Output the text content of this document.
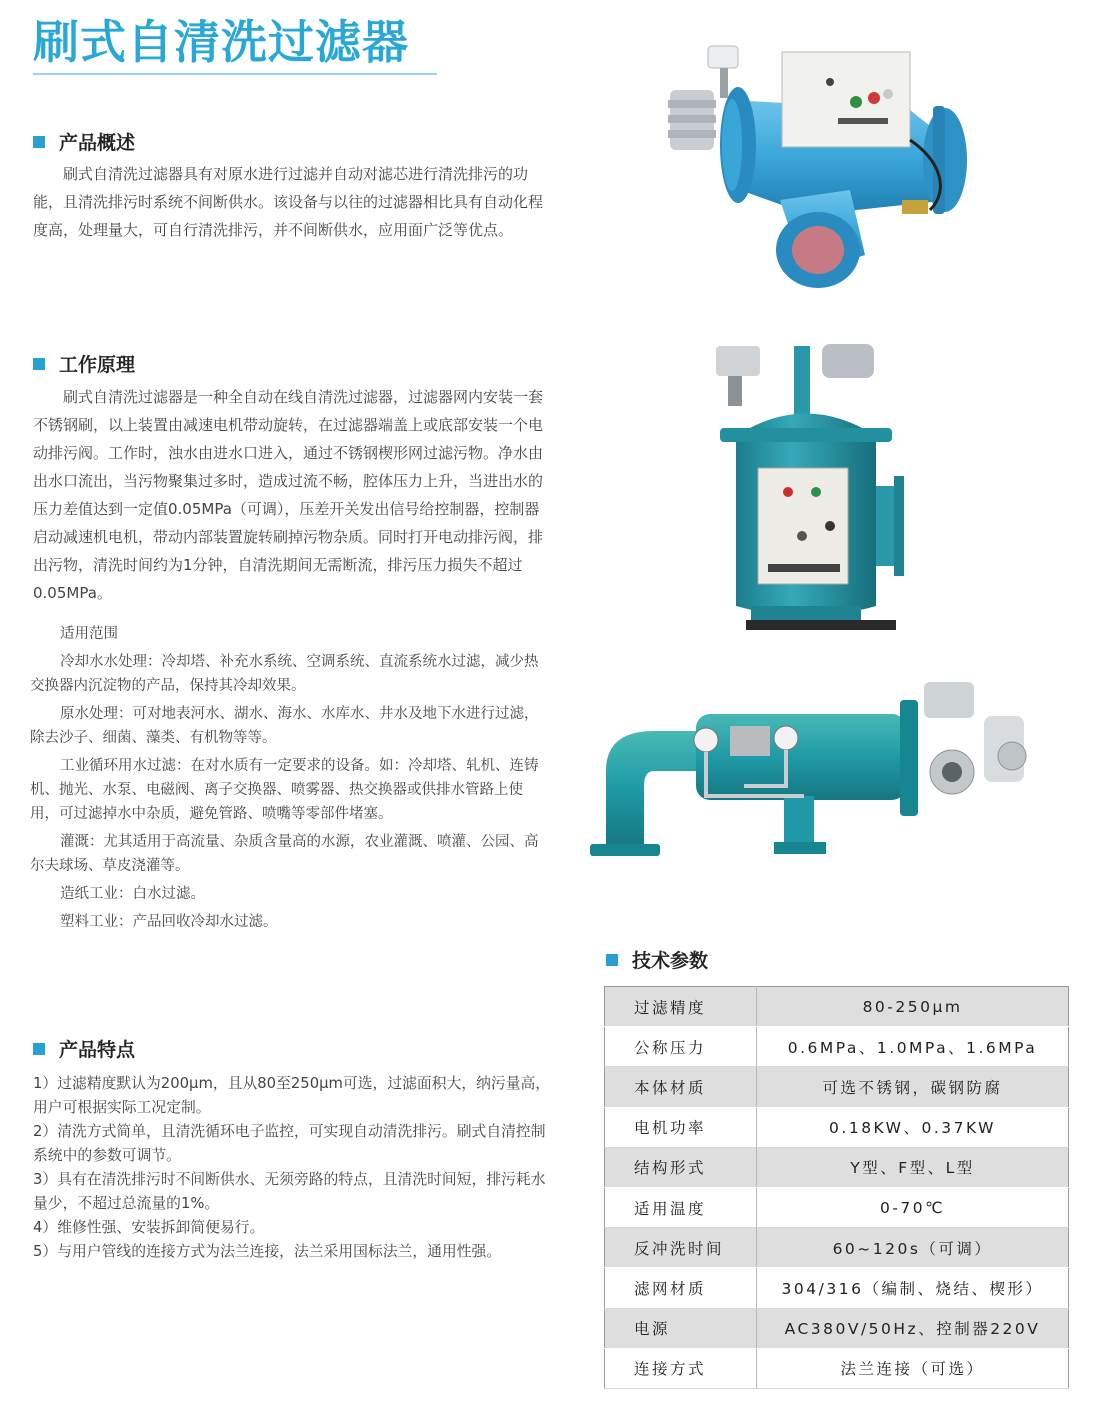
刷式自清洗过滤器
产品概述

刷式自清洗过滤器具有对原水进行过滤并自动对滤芯进行清洗排污的功能，且清洗排污时系统不间断供水。该设备与以往的过滤器相比具有自动化程度高，处理量大，可自行清洗排污，并不间断供水，应用面广泛等优点。

工作原理

刷式自清洗过滤器是一种全自动在线自清洗过滤器，过滤器网内安装一套不锈钢刷，以上装置由减速电机带动旋转，在过滤器端盖上或底部安装一个电动排污阀。工作时，浊水由进水口进入，通过不锈钢楔形网过滤污物。净水由出水口流出，当污物聚集过多时，造成过流不畅，腔体压力上升，当进出水的压力差值达到一定值0.05MPa（可调），压差开关发出信号给控制器，控制器启动减速机电机，带动内部装置旋转刷掉污物杂质。同时打开电动排污阀，排出污物，清洗时间约为1分钟，自清洗期间无需断流，排污压力损失不超过0.05MPa。

适用范围

冷却水水处理：冷却塔、补充水系统、空调系统、直流系统水过滤，减少热交换器内沉淀物的产品，保持其冷却效果。

原水处理：可对地表河水、湖水、海水、水库水、井水及地下水进行过滤，除去沙子、细菌、藻类、有机物等等。

工业循环用水过滤：在对水质有一定要求的设备。如：冷却塔、轧机、连铸机、抛光、水泵、电磁阀、离子交换器、喷雾器、热交换器或供排水管路上使用，可过滤掉水中杂质，避免管路、喷嘴等零部件堵塞。

灌溉：尤其适用于高流量、杂质含量高的水源，农业灌溉、喷灌、公园、高尔夫球场、草皮浇灌等。

造纸工业：白水过滤。

塑料工业：产品回收冷却水过滤。

产品特点
1）过滤精度默认为200μm，且从80至250μm可选，过滤面积大，纳污量高，用户可根据实际工况定制。
2）清洗方式简单，且清洗循环电子监控，可实现自动清洗排污。刷式自清控制系统中的参数可调节。
3）具有在清洗排污时不间断供水、无须旁路的特点，且清洗时间短，排污耗水量少，不超过总流量的1%。
4）维修性强、安装拆卸简便易行。
5）与用户管线的连接方式为法兰连接，法兰采用国标法兰，通用性强。
技术参数
过滤精度	80-250μm
公称压力	0.6MPa、1.0MPa、1.6MPa
本体材质	可选不锈钢，碳钢防腐
电机功率	0.18KW、0.37KW
结构形式	Y型、F型、L型
适用温度	0-70℃
反冲洗时间	60~120s（可调）
滤网材质	304/316（编制、烧结、楔形）
电源	AC380V/50Hz、控制器220V
连接方式	法兰连接（可选）
